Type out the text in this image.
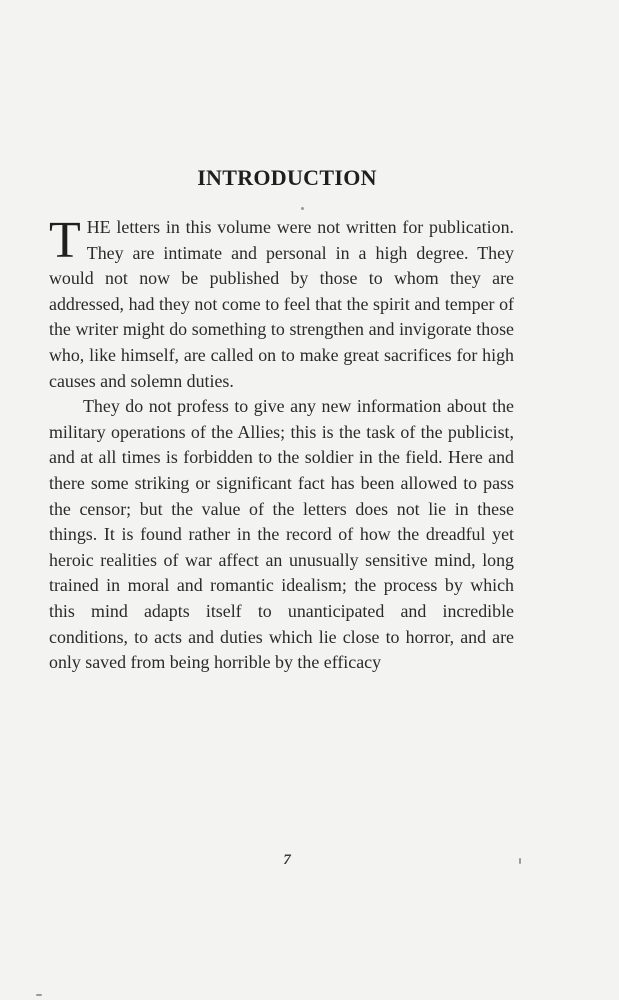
INTRODUCTION

THE letters in this volume were not written for publication. They are intimate and personal in a high degree. They would not now be published by those to whom they are addressed, had they not come to feel that the spirit and temper of the writer might do something to strengthen and invigorate those who, like himself, are called on to make great sacrifices for high causes and solemn duties.

They do not profess to give any new information about the military operations of the Allies; this is the task of the publicist, and at all times is forbidden to the soldier in the field. Here and there some striking or significant fact has been allowed to pass the censor; but the value of the letters does not lie in these things. It is found rather in the record of how the dreadful yet heroic realities of war affect an unusually sensitive mind, long trained in moral and romantic idealism; the process by which this mind adapts itself to unanticipated and incredible conditions, to acts and duties which lie close to horror, and are only saved from being horrible by the efficacy

7
